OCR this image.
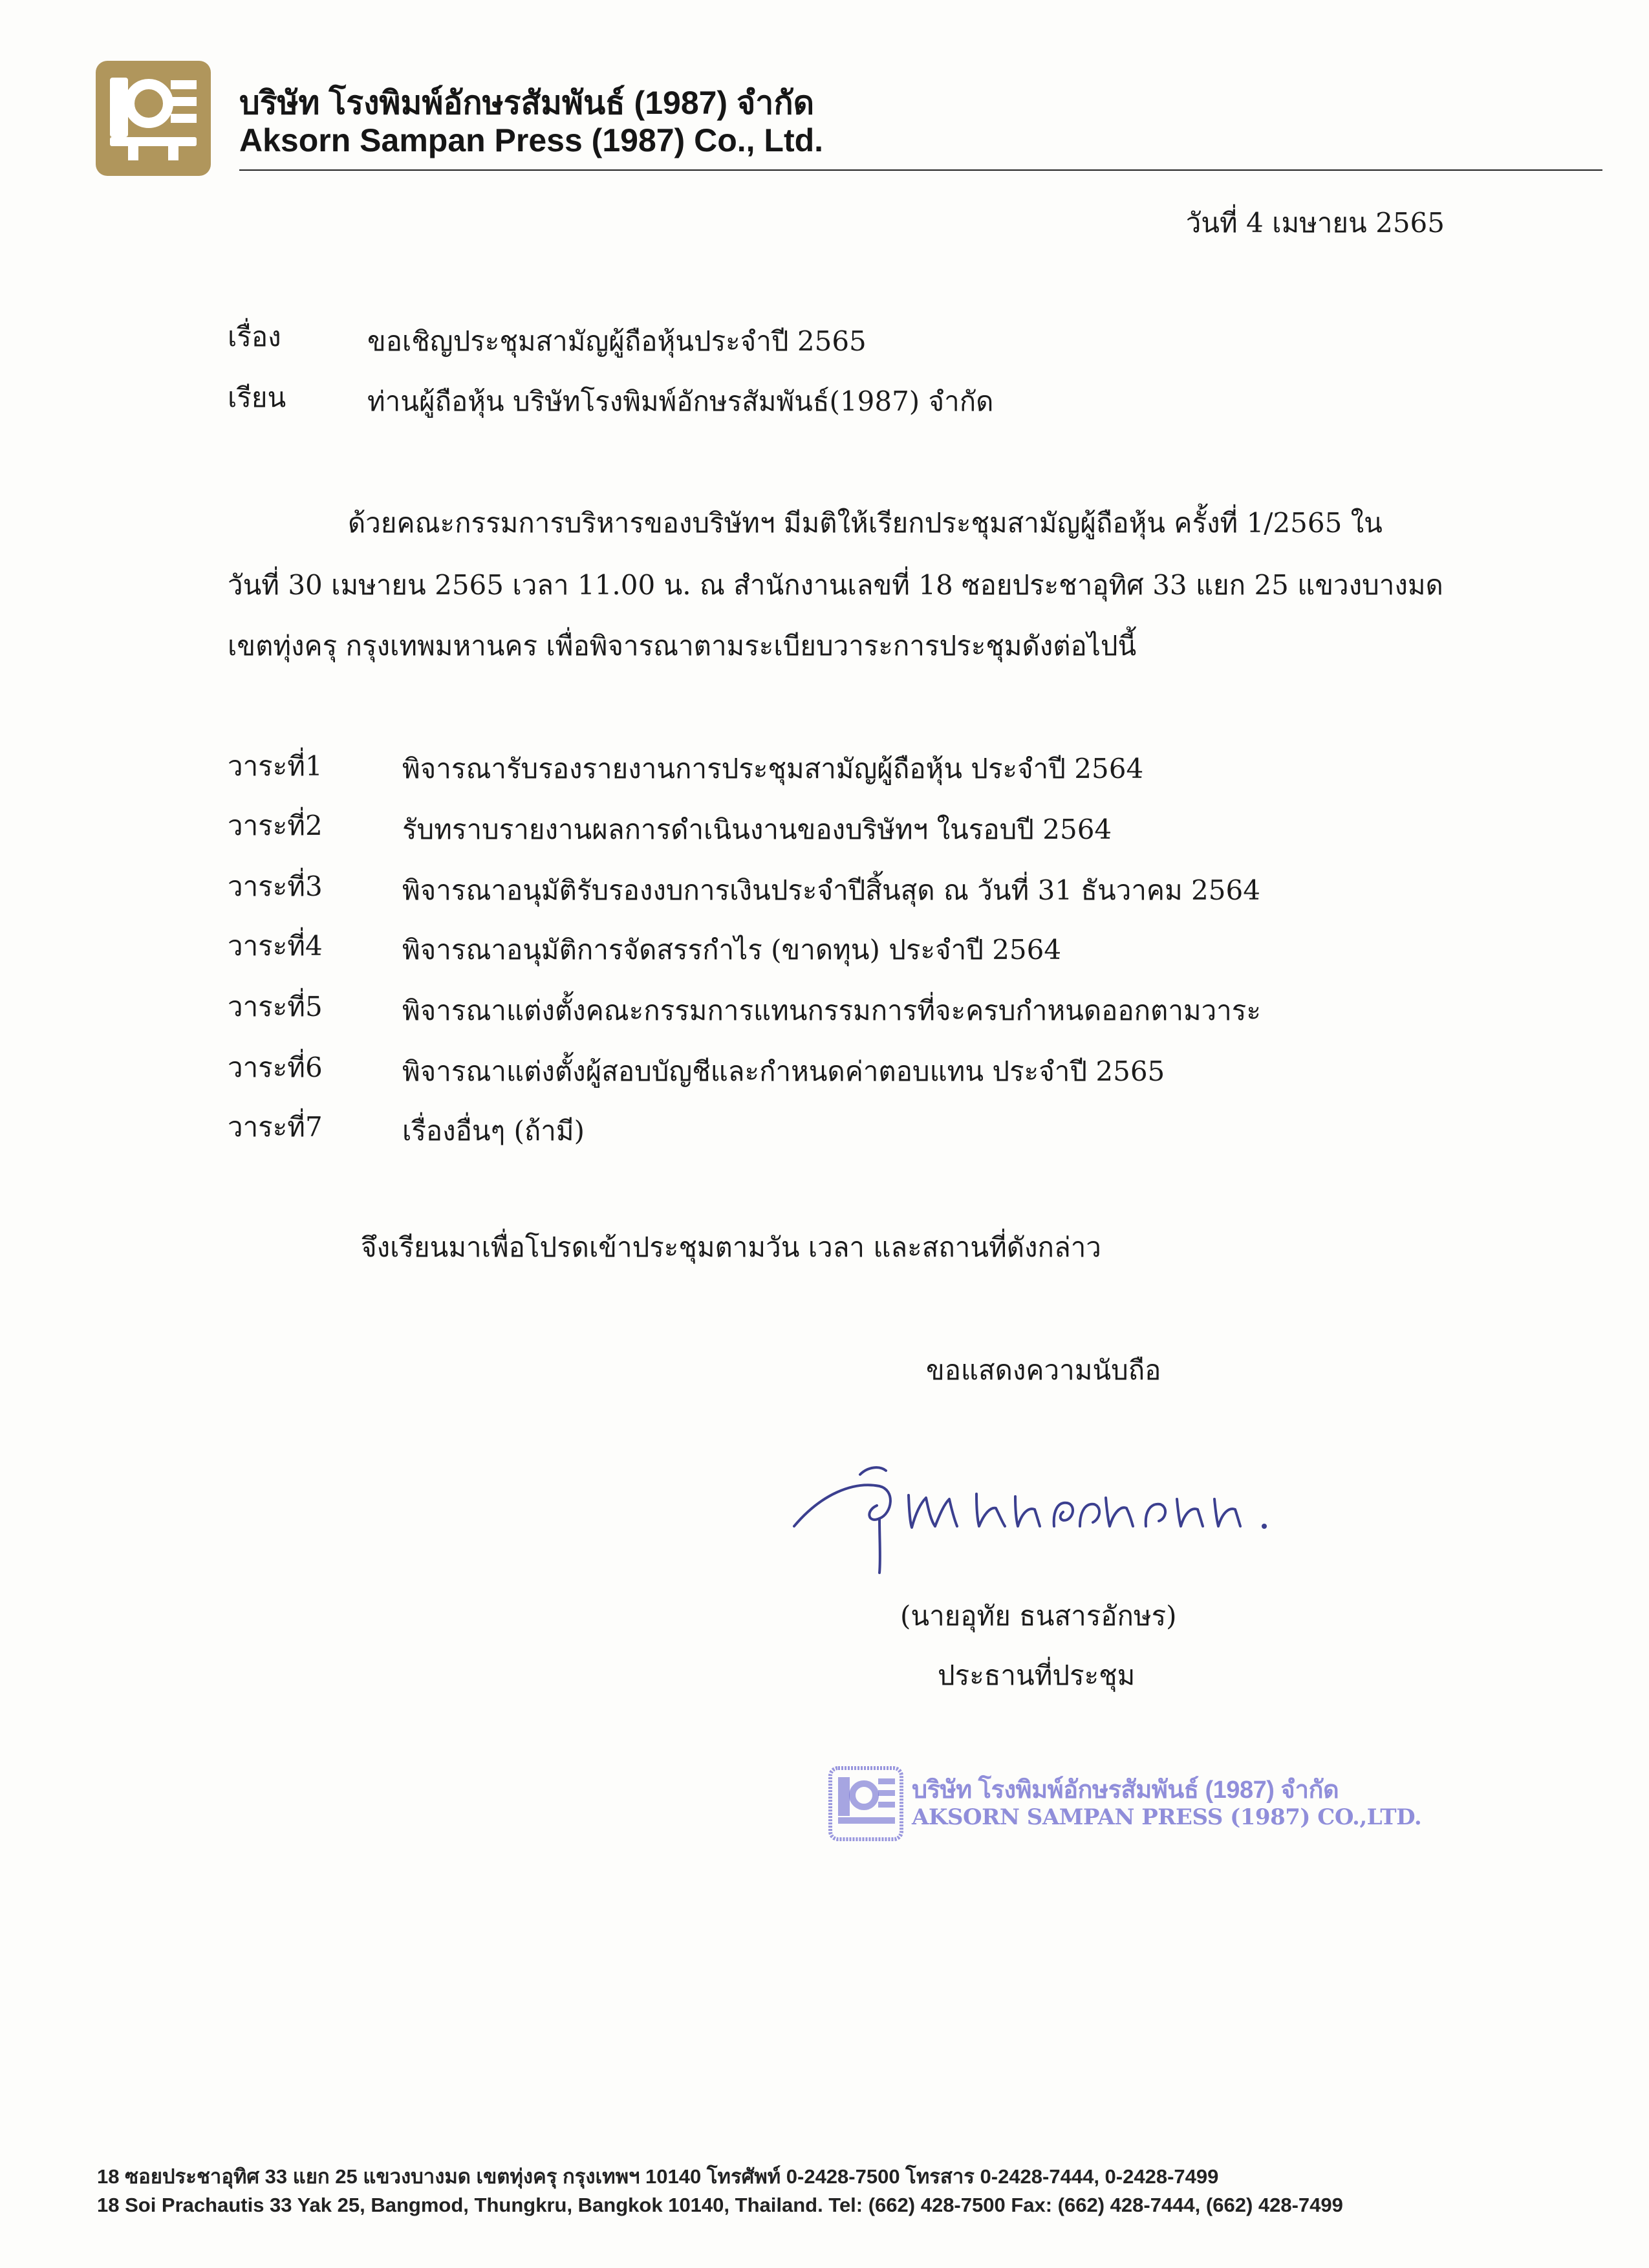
บริษัท โรงพิมพ์อักษรสัมพันธ์ (1987) จำกัด
Aksorn Sampan Press (1987) Co., Ltd.
วันที่ 4 เมษายน 2565
เรื่อง	ขอเชิญประชุมสามัญผู้ถือหุ้นประจำปี 2565
เรียน	ท่านผู้ถือหุ้น บริษัทโรงพิมพ์อักษรสัมพันธ์(1987) จำกัด
ด้วยคณะกรรมการบริหารของบริษัทฯ มีมติให้เรียกประชุมสามัญผู้ถือหุ้น ครั้งที่ 1/2565 ใน
วันที่ 30 เมษายน 2565 เวลา 11.00 น. ณ สำนักงานเลขที่ 18 ซอยประชาอุทิศ 33 แยก 25 แขวงบางมด
เขตทุ่งครุ กรุงเทพมหานคร เพื่อพิจารณาตามระเบียบวาระการประชุมดังต่อไปนี้
วาระที่1	พิจารณารับรองรายงานการประชุมสามัญผู้ถือหุ้น ประจำปี 2564
วาระที่2	รับทราบรายงานผลการดำเนินงานของบริษัทฯ ในรอบปี 2564
วาระที่3	พิจารณาอนุมัติรับรองงบการเงินประจำปีสิ้นสุด ณ วันที่ 31 ธันวาคม 2564
วาระที่4	พิจารณาอนุมัติการจัดสรรกำไร (ขาดทุน) ประจำปี 2564
วาระที่5	พิจารณาแต่งตั้งคณะกรรมการแทนกรรมการที่จะครบกำหนดออกตามวาระ
วาระที่6	พิจารณาแต่งตั้งผู้สอบบัญชีและกำหนดค่าตอบแทน ประจำปี 2565
วาระที่7	เรื่องอื่นๆ (ถ้ามี)
จึงเรียนมาเพื่อโปรดเข้าประชุมตามวัน เวลา และสถานที่ดังกล่าว
ขอแสดงความนับถือ
(นายอุทัย ธนสารอักษร)
ประธานที่ประชุม
บริษัท โรงพิมพ์อักษรสัมพันธ์ (1987) จำกัด
AKSORN SAMPAN PRESS (1987) CO.,LTD.
18 ซอยประชาอุทิศ 33 แยก 25 แขวงบางมด เขตทุ่งครุ กรุงเทพฯ 10140 โทรศัพท์ 0-2428-7500 โทรสาร 0-2428-7444, 0-2428-7499
18 Soi Prachautis 33 Yak 25, Bangmod, Thungkru, Bangkok 10140, Thailand. Tel: (662) 428-7500 Fax: (662) 428-7444, (662) 428-7499
